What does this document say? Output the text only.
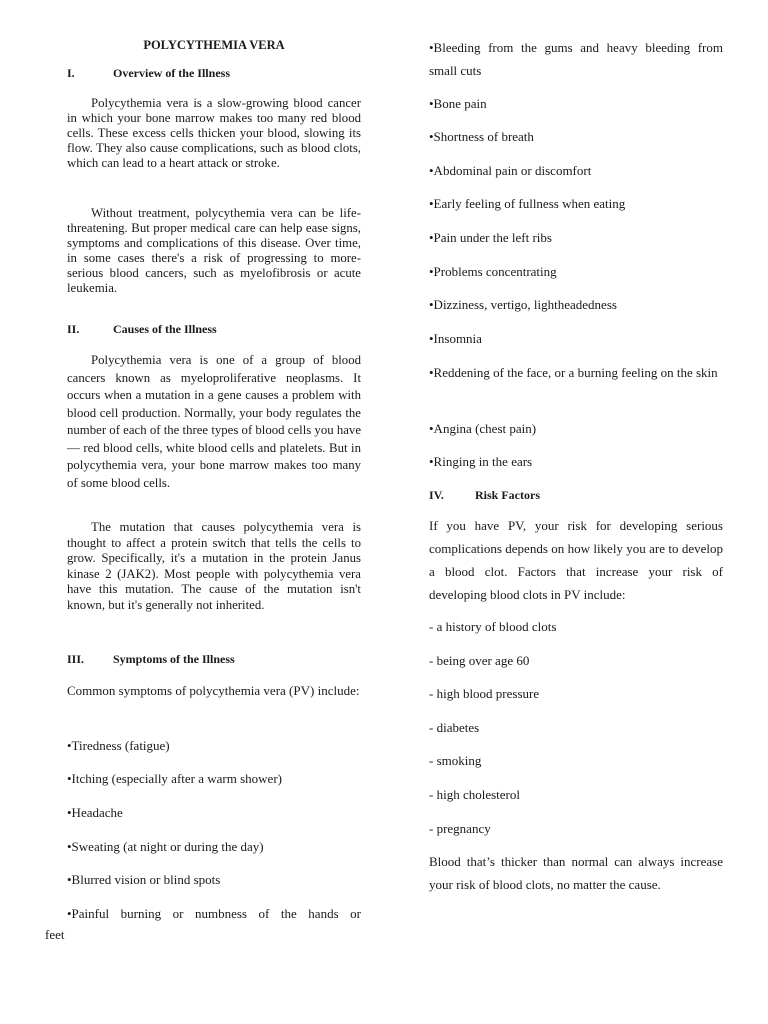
POLYCYTHEMIA VERA

I.	Overview of the Illness

Polycythemia vera is a slow-growing blood cancer in which your bone marrow makes too many red blood cells. These excess cells thicken your blood, slowing its flow. They also cause complications, such as blood clots, which can lead to a heart attack or stroke.

Without treatment, polycythemia vera can be life-threatening. But proper medical care can help ease signs, symptoms and complications of this disease. Over time, in some cases there's a risk of progressing to more-serious blood cancers, such as myelofibrosis or acute leukemia.

II.	Causes of the Illness

Polycythemia vera is one of a group of blood cancers known as myeloproliferative neoplasms. It occurs when a mutation in a gene causes a problem with blood cell production. Normally, your body regulates the number of each of the three types of blood cells you have — red blood cells, white blood cells and platelets. But in polycythemia vera, your bone marrow makes too many of some blood cells.

The mutation that causes polycythemia vera is thought to affect a protein switch that tells the cells to grow. Specifically, it's a mutation in the protein Janus kinase 2 (JAK2). Most people with polycythemia vera have this mutation. The cause of the mutation isn't known, but it's generally not inherited.

III. Symptoms of the Illness

Common symptoms of polycythemia vera (PV) include:

•Tiredness (fatigue)

•Itching (especially after a warm shower)

•Headache

•Sweating (at night or during the day)

•Blurred vision or blind spots

•Painful burning or numbness of the hands or

feet

•Bleeding from the gums and heavy bleeding from small cuts

•Bone pain

•Shortness of breath

•Abdominal pain or discomfort

•Early feeling of fullness when eating

•Pain under the left ribs

•Problems concentrating

•Dizziness, vertigo, lightheadedness

•Insomnia

•Reddening of the face, or a burning feeling on the skin

•Angina (chest pain)

•Ringing in the ears

IV.	Risk Factors

If you have PV, your risk for developing serious complications depends on how likely you are to develop a blood clot. Factors that increase your risk of developing blood clots in PV include:

- a history of blood clots

- being over age 60

- high blood pressure

- diabetes

- smoking

- high cholesterol

- pregnancy

Blood that’s thicker than normal can always increase your risk of blood clots, no matter the cause.
